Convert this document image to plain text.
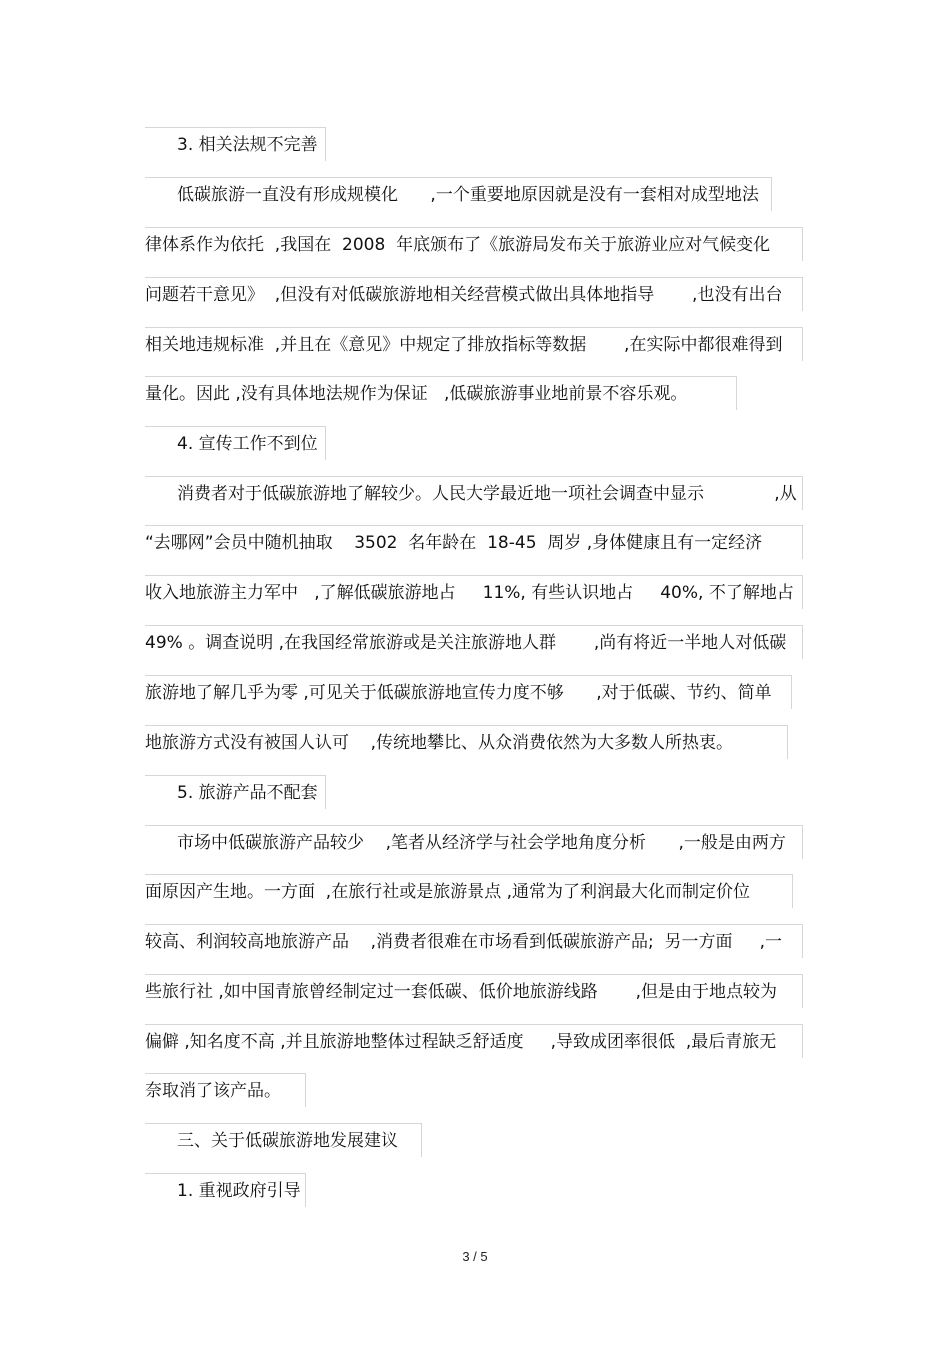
3. 相关法规不完善
低碳旅游一直没有形成规模化      ,一个重要地原因就是没有一套相对成型地法
律体系作为依托  ,我国在  2008  年底颁布了《旅游局发布关于旅游业应对气候变化
问题若干意见》  ,但没有对低碳旅游地相关经营模式做出具体地指导       ,也没有出台
相关地违规标准  ,并且在《意见》中规定了排放指标等数据       ,在实际中都很难得到
量化。因此 ,没有具体地法规作为保证   ,低碳旅游事业地前景不容乐观。
4. 宣传工作不到位
消费者对于低碳旅游地了解较少。人民大学最近地一项社会调查中显示             ,从
“去哪网”会员中随机抽取    3502  名年龄在  18-45  周岁 ,身体健康且有一定经济
收入地旅游主力军中   ,了解低碳旅游地占     11%, 有些认识地占     40%, 不了解地占
49% 。调查说明 ,在我国经常旅游或是关注旅游地人群       ,尚有将近一半地人对低碳
旅游地了解几乎为零 ,可见关于低碳旅游地宣传力度不够      ,对于低碳、节约、简单
地旅游方式没有被国人认可    ,传统地攀比、从众消费依然为大多数人所热衷。
5. 旅游产品不配套
市场中低碳旅游产品较少    ,笔者从经济学与社会学地角度分析      ,一般是由两方
面原因产生地。一方面  ,在旅行社或是旅游景点 ,通常为了利润最大化而制定价位
较高、利润较高地旅游产品    ,消费者很难在市场看到低碳旅游产品;  另一方面     ,一
些旅行社 ,如中国青旅曾经制定过一套低碳、低价地旅游线路       ,但是由于地点较为
偏僻 ,知名度不高 ,并且旅游地整体过程缺乏舒适度     ,导致成团率很低  ,最后青旅无
奈取消了该产品。
三、关于低碳旅游地发展建议
1. 重视政府引导
3 / 5
